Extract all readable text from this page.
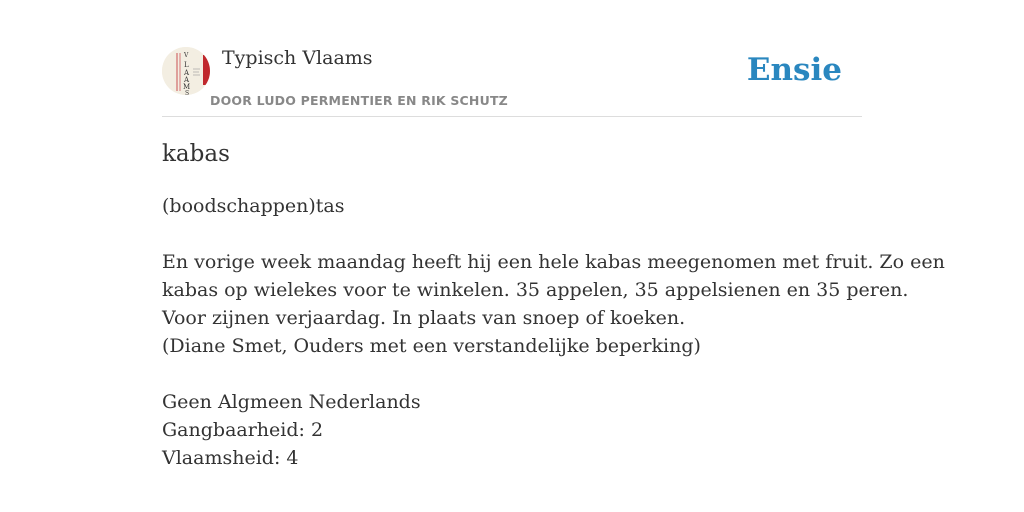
V
L
A
A
M
S
Typisch Vlaams
DOOR LUDO PERMENTIER EN RIK SCHUTZ
Ensie
kabas
(boodschappen)tas
En vorige week maandag heeft hij een hele kabas meegenomen met fruit. Zo een
kabas op wielekes voor te winkelen. 35 appelen, 35 appelsienen en 35 peren.
Voor zijnen verjaardag. In plaats van snoep of koeken.
(Diane Smet, Ouders met een verstandelijke beperking)
Geen Algmeen Nederlands
Gangbaarheid: 2
Vlaamsheid: 4
